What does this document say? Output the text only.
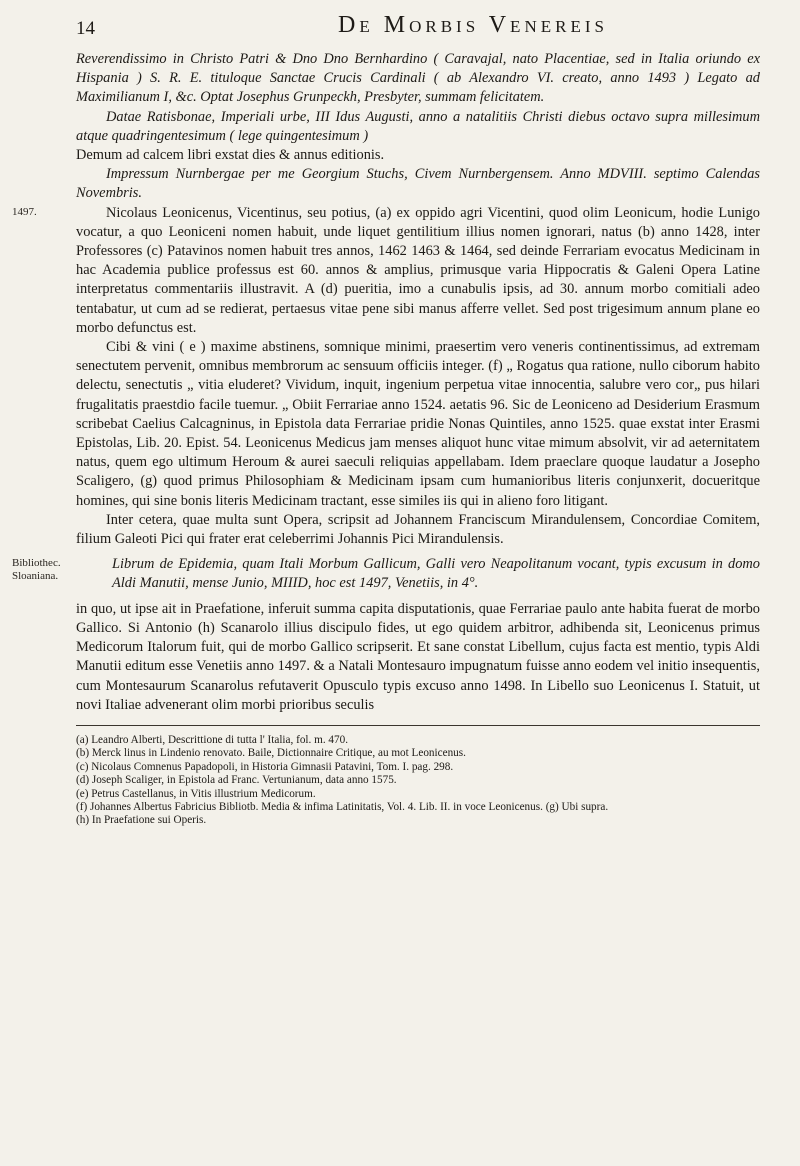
14	De Morbis Venereis

Reverendissimo in Christo Patri & Dno Dno Bernhardino ( Caravajal, nato Placentiae, sed in Italia oriundo ex Hispania ) S. R. E. tituloque Sanctae Crucis Cardinali ( ab Alexandro VI. creato, anno 1493 ) Legato ad Maximilianum I, &c. Optat Josephus Grunpeckh, Presbyter, summam felicitatem.

Datae Ratisbonae, Imperiali urbe, III Idus Augusti, anno a natalitiis Christi diebus octavo supra millesimum atque quadringentesimum ( lege quingentesimum )

Demum ad calcem libri exstat dies & annus editionis.

Impressum Nurnbergae per me Georgium Stuchs, Civem Nurnbergensem. Anno MDVIII. septimo Calendas Novembris.

1497.	Nicolaus Leonicenus, Vicentinus, seu potius, (a) ex oppido agri Vicentini, quod olim Leonicum, hodie Lunigo vocatur, a quo Leoniceni nomen habuit, unde liquet gentilitium illius nomen ignorari, natus (b) anno 1428, inter Professores (c) Patavinos nomen habuit tres annos, 1462 1463 & 1464, sed deinde Ferrariam evocatus Medicinam in hac Academia publice professus est 60. annos & amplius, primusque varia Hippocratis & Galeni Opera Latine interpretatus commentariis illustravit. A (d) pueritia, imo a cunabulis ipsis, ad 30. annum morbo comitiali adeo tentabatur, ut cum ad se redierat, pertaesus vitae pene sibi manus afferre vellet. Sed post trigesimum annum plane eo morbo defunctus est.

Cibi & vini ( e ) maxime abstinens, somnique minimi, praesertim vero veneris continentissimus, ad extremam senectutem pervenit, omnibus membrorum ac sensuum officiis integer. (f) „ Rogatus qua ratione, nullo ciborum habito delectu, senectutis „ vitia eluderet? Vividum, inquit, ingenium perpetua vitae innocentia, salubre vero cor„ pus hilari frugalitatis praestdio facile tuemur. „ Obiit Ferrariae anno 1524. aetatis 96. Sic de Leoniceno ad Desiderium Erasmum scribebat Caelius Calcagninus, in Epistola data Ferrariae pridie Nonas Quintiles, anno 1525. quae exstat inter Erasmi Epistolas, Lib. 20. Epist. 54. Leonicenus Medicus jam menses aliquot hunc vitae mimum absolvit, vir ad aeternitatem natus, quem ego ultimum Heroum & aurei saeculi reliquias appellabam. Idem praeclare quoque laudatur a Josepho Scaligero, (g) quod primus Philosophiam & Medicinam ipsam cum humanioribus literis conjunxerit, docueritque homines, qui sine bonis literis Medicinam tractant, esse similes iis qui in alieno foro litigant.

Inter cetera, quae multa sunt Opera, scripsit ad Johannem Franciscum Mirandulensem, Concordiae Comitem, filium Galeoti Pici qui frater erat celeberrimi Johannis Pici Mirandulensis.

Bibliothec. Sloaniana.

Librum de Epidemia, quam Itali Morbum Gallicum, Galli vero Neapolitanum vocant, typis excusum in domo Aldi Manutii, mense Junio, MIIID, hoc est 1497, Venetiis, in 4°.

in quo, ut ipse ait in Praefatione, inferuit summa capita disputationis, quae Ferrariae paulo ante habita fuerat de morbo Gallico. Si Antonio (h) Scanarolo illius discipulo fides, ut ego quidem arbitror, adhibenda sit, Leonicenus primus Medicorum Italorum fuit, qui de morbo Gallico scripserit. Et sane constat Libellum, cujus facta est mentio, typis Aldi Manutii editum esse Venetiis anno 1497. & a Natali Montesauro impugnatum fuisse anno eodem vel initio insequentis, cum Montesaurum Scanarolus refutaverit Opusculo typis excuso anno 1498. In Libello suo Leonicenus I. Statuit, ut novi Italiae advenerant olim morbi prioribus seculis

(a) Leandro Alberti, Descrittione di tutta l' Italia, fol. m. 470.

(b) Merck linus in Lindenio renovato. Baile, Dictionnaire Critique, au mot Leonicenus.

(c) Nicolaus Comnenus Papadopoli, in Historia Gimnasii Patavini, Tom. I. pag. 298.

(d) Joseph Scaliger, in Epistola ad Franc. Vertunianum, data anno 1575.

(e) Petrus Castellanus, in Vitis illustrium Medicorum.

(f) Johannes Albertus Fabricius Bibliotb. Media & infima Latinitatis, Vol. 4. Lib. II. in voce Leonicenus. (g) Ubi supra.

(h) In Praefatione sui Operis.
